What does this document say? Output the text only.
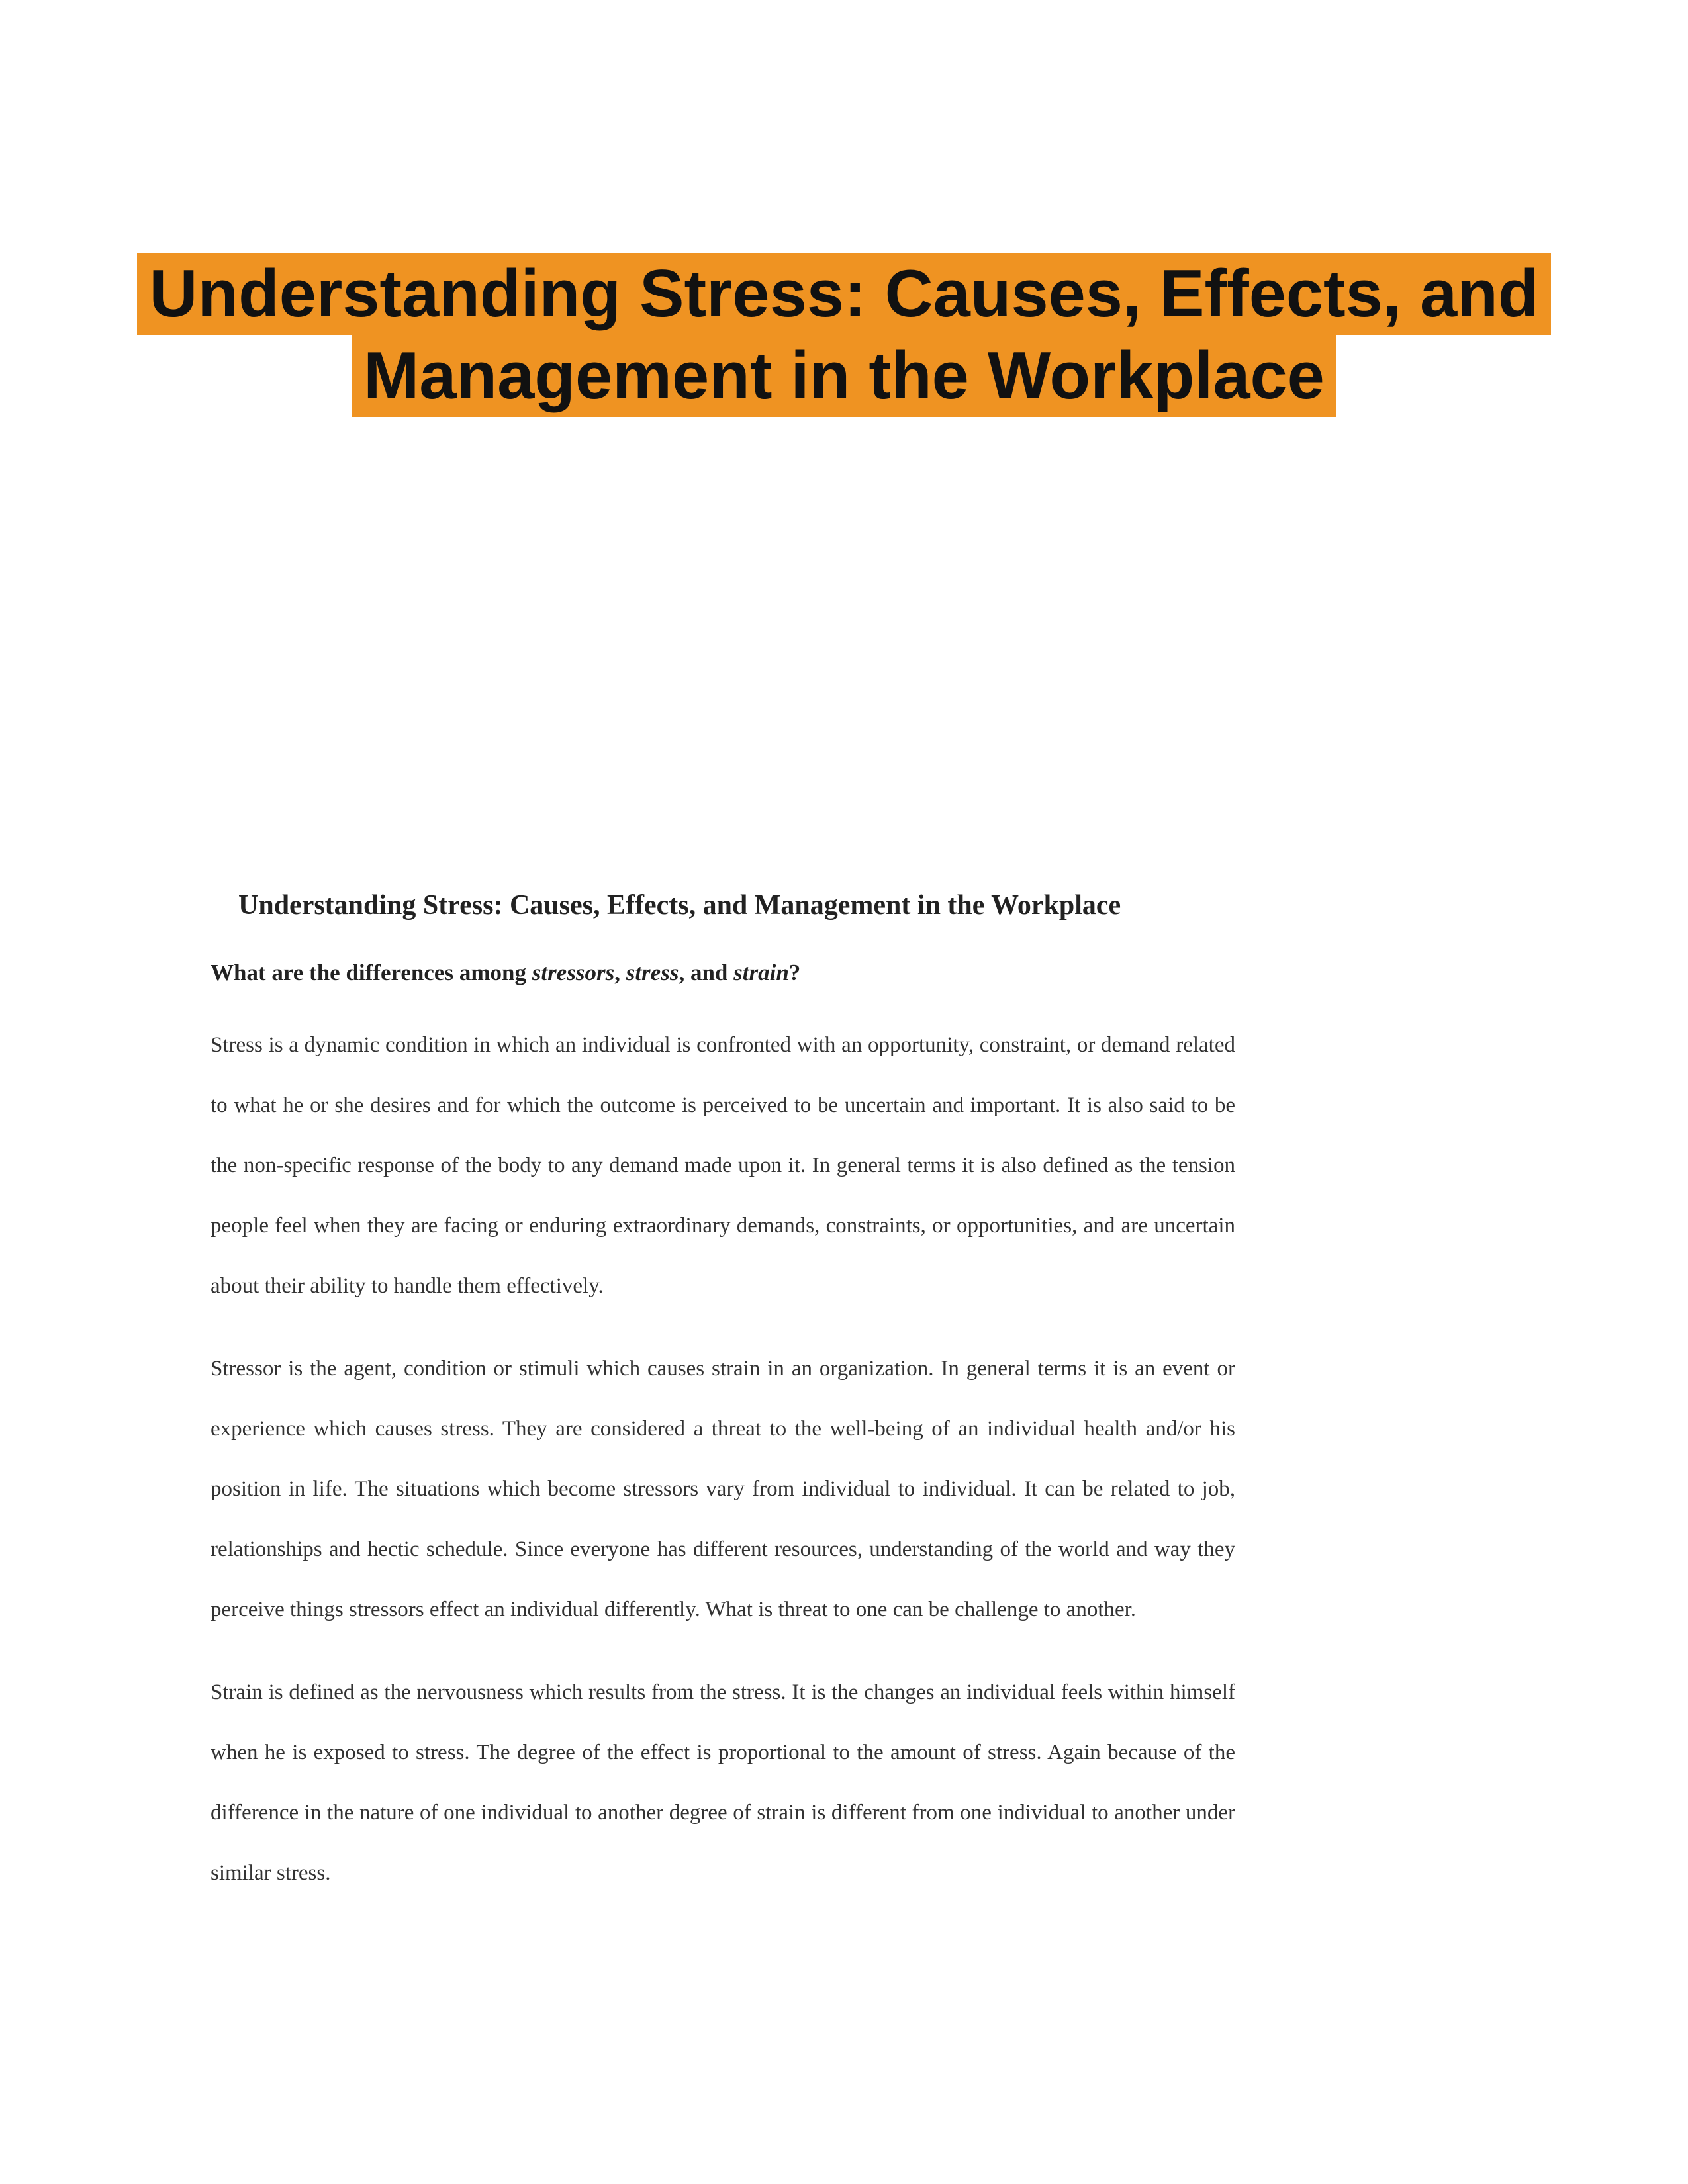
Understanding Stress: Causes, Effects, and
Management in the Workplace
Understanding Stress: Causes, Effects, and Management in the Workplace
What are the differences among stressors, stress, and strain?

Stress is a dynamic condition in which an individual is confronted with an opportunity, constraint, or demand related to what he or she desires and for which the outcome is perceived to be uncertain and important. It is also said to be the non-specific response of the body to any demand made upon it. In general terms it is also defined as the tension people feel when they are facing or enduring extraordinary demands, constraints, or opportunities, and are uncertain about their ability to handle them effectively.

Stressor is the agent, condition or stimuli which causes strain in an organization. In general terms it is an event or experience which causes stress. They are considered a threat to the well-being of an individual health and/or his position in life. The situations which become stressors vary from individual to individual. It can be related to job, relationships and hectic schedule. Since everyone has different resources, understanding of the world and way they perceive things stressors effect an individual differently. What is threat to one can be challenge to another.

Strain is defined as the nervousness which results from the stress. It is the changes an individual feels within himself when he is exposed to stress. The degree of the effect is proportional to the amount of stress. Again because of the difference in the nature of one individual to another degree of strain is different from one individual to another under similar stress.
